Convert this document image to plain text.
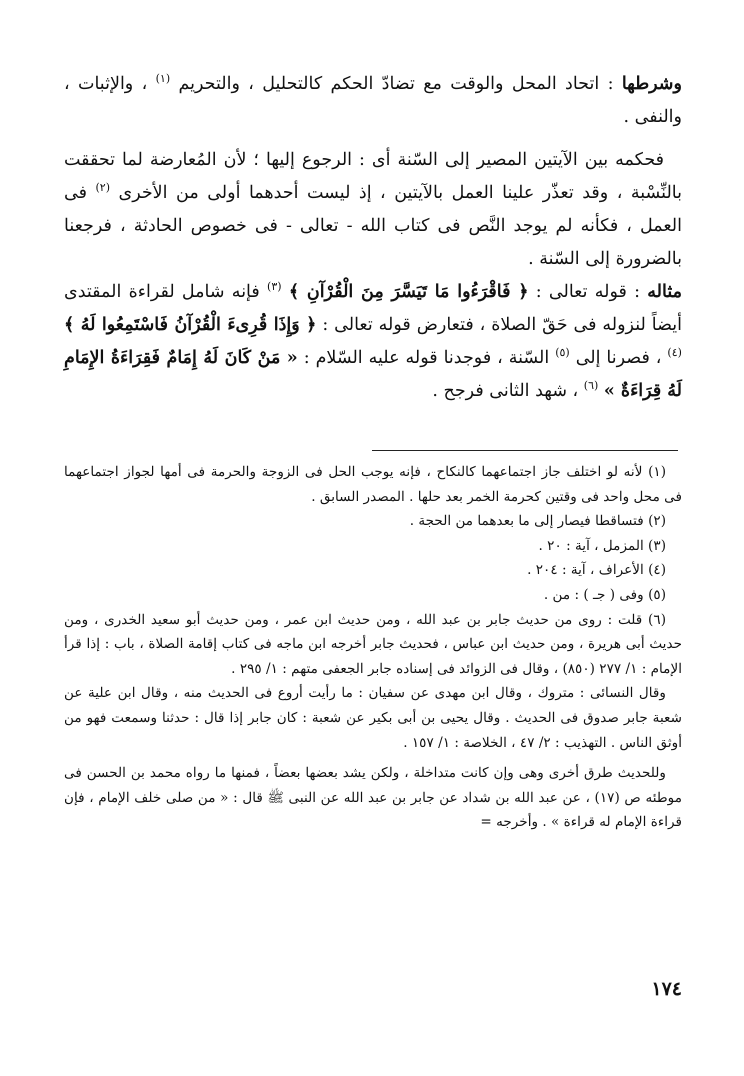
وشرطها : اتحاد المحل والوقت مع تضادّ الحكم كالتحليل ، والتحريم $^{(١)}$ ، والإثبات ، والنفى .

فحكمه بين الآيتين المصير إلى السّنة أى : الرجوع إليها ؛ لأن المُعارضة لما تحققت بالنِّسْبة ، وقد تعذّر علينا العمل بالآيتين ، إذ ليست أحدهما أولى من الأخرى $^{(٢)}$ فى العمل ، فكأنه لم يوجد النَّص فى كتاب الله - تعالى - فى خصوص الحادثة ، فرجعنا بالضرورة إلى السّنة .

مثاله : قوله تعالى : ﴿ فَاقْرَءُوا مَا تَيَسَّرَ مِنَ الْقُرْآنِ ﴾ $^{(٣)}$ فإنه شامل لقراءة المقتدى أيضاً لنزوله فى حَقّ الصلاة ، فتعارض قوله تعالى : ﴿ وَإِذَا قُرِىءَ الْقُرْآنُ فَاسْتَمِعُوا لَهُ ﴾ $^{(٤)}$ ، فصرنا إلى $^{(٥)}$ السّنة ، فوجدنا قوله عليه السّلام : « مَنْ كَانَ لَهُ إِمَامٌ فَقِرَاءَةُ الإِمَامِ لَهُ قِرَاءَةٌ » $^{(٦)}$ ، شهد الثانى فرجح .

(١) لأنه لو اختلف جاز اجتماعهما كالنكاح ، فإنه يوجب الحل فى الزوجة والحرمة فى أمها لجواز اجتماعهما فى محل واحد فى وقتين كحرمة الخمر بعد حلها . المصدر السابق .

(٢) فتساقطا فيصار إلى ما بعدهما من الحجة .

(٣) المزمل ، آية : ٢٠ .

(٤) الأعراف ، آية : ٢٠٤ .

(٥) وفى ( جـ ) : من .

(٦) قلت : روى من حديث جابر بن عبد الله ، ومن حديث ابن عمر ، ومن حديث أبو سعيد الخدرى ، ومن حديث أبى هريرة ، ومن حديث ابن عباس ، فحديث جابر أخرجه ابن ماجه فى كتاب إقامة الصلاة ، باب : إذا قرأ الإمام : ١/ ٢٧٧ (٨٥٠) ، وقال فى الزوائد فى إسناده جابر الجعفى متهم : ١/ ٢٩٥ .

وقال النسائى : متروك ، وقال ابن مهدى عن سفيان : ما رأيت أروع فى الحديث منه ، وقال ابن علية عن شعبة جابر صدوق فى الحديث . وقال يحيى بن أبى بكير عن شعبة : كان جابر إذا قال : حدثنا وسمعت فهو من أوثق الناس . التهذيب : ٢/ ٤٧ ، الخلاصة : ١/ ١٥٧ .

وللحديث طرق أخرى وهى وإن كانت متداخلة ، ولكن يشد بعضها بعضاً ، فمنها ما رواه محمد بن الحسن فى موطئه ص (١٧) ، عن عبد الله بن شداد عن جابر بن عبد الله عن النبى ﷺ قال : « من صلى خلف الإمام ، فإن قراءة الإمام له قراءة » . وأخرجه =

١٧٤
